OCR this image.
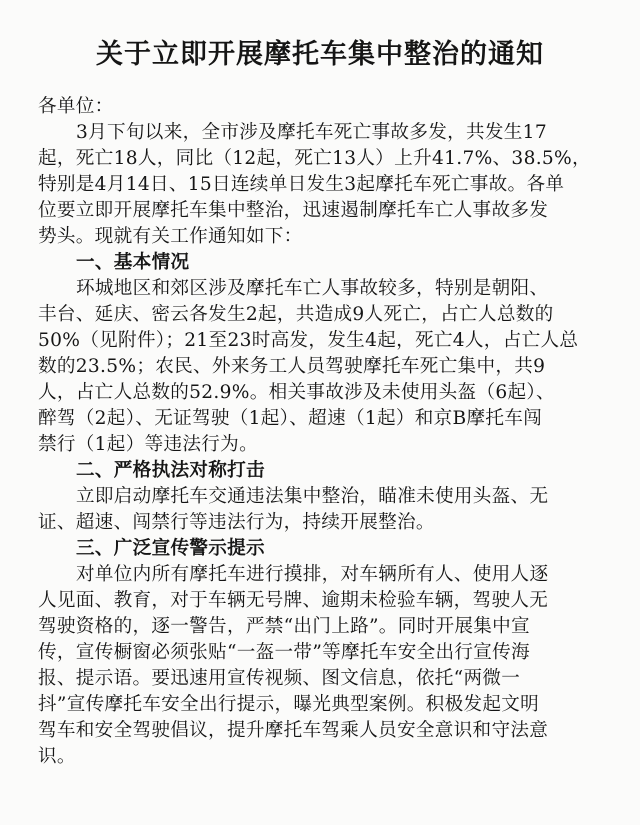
关于立即开展摩托车集中整治的通知
各单位：
3月下旬以来，全市涉及摩托车死亡事故多发，共发生17
起，死亡18人，同比（12起，死亡13人）上升41.7%、38.5%，
特别是4月14日、15日连续单日发生3起摩托车死亡事故。各单
位要立即开展摩托车集中整治，迅速遏制摩托车亡人事故多发
势头。现就有关工作通知如下：
一、基本情况
环城地区和郊区涉及摩托车亡人事故较多，特别是朝阳、
丰台、延庆、密云各发生2起，共造成9人死亡，占亡人总数的
50%（见附件）；21至23时高发，发生4起，死亡4人，占亡人总
数的23.5%；农民、外来务工人员驾驶摩托车死亡集中，共9
人，占亡人总数的52.9%。相关事故涉及未使用头盔（6起）、
醉驾（2起）、无证驾驶（1起）、超速（1起）和京B摩托车闯
禁行（1起）等违法行为。
二、严格执法对称打击
立即启动摩托车交通违法集中整治，瞄准未使用头盔、无
证、超速、闯禁行等违法行为，持续开展整治。
三、广泛宣传警示提示
对单位内所有摩托车进行摸排，对车辆所有人、使用人逐
人见面、教育，对于车辆无号牌、逾期未检验车辆，驾驶人无
驾驶资格的，逐一警告，严禁“出门上路”。同时开展集中宣
传，宣传橱窗必须张贴“一盔一带”等摩托车安全出行宣传海
报、提示语。要迅速用宣传视频、图文信息，依托“两微一
抖”宣传摩托车安全出行提示，曝光典型案例。积极发起文明
驾车和安全驾驶倡议，提升摩托车驾乘人员安全意识和守法意
识。
